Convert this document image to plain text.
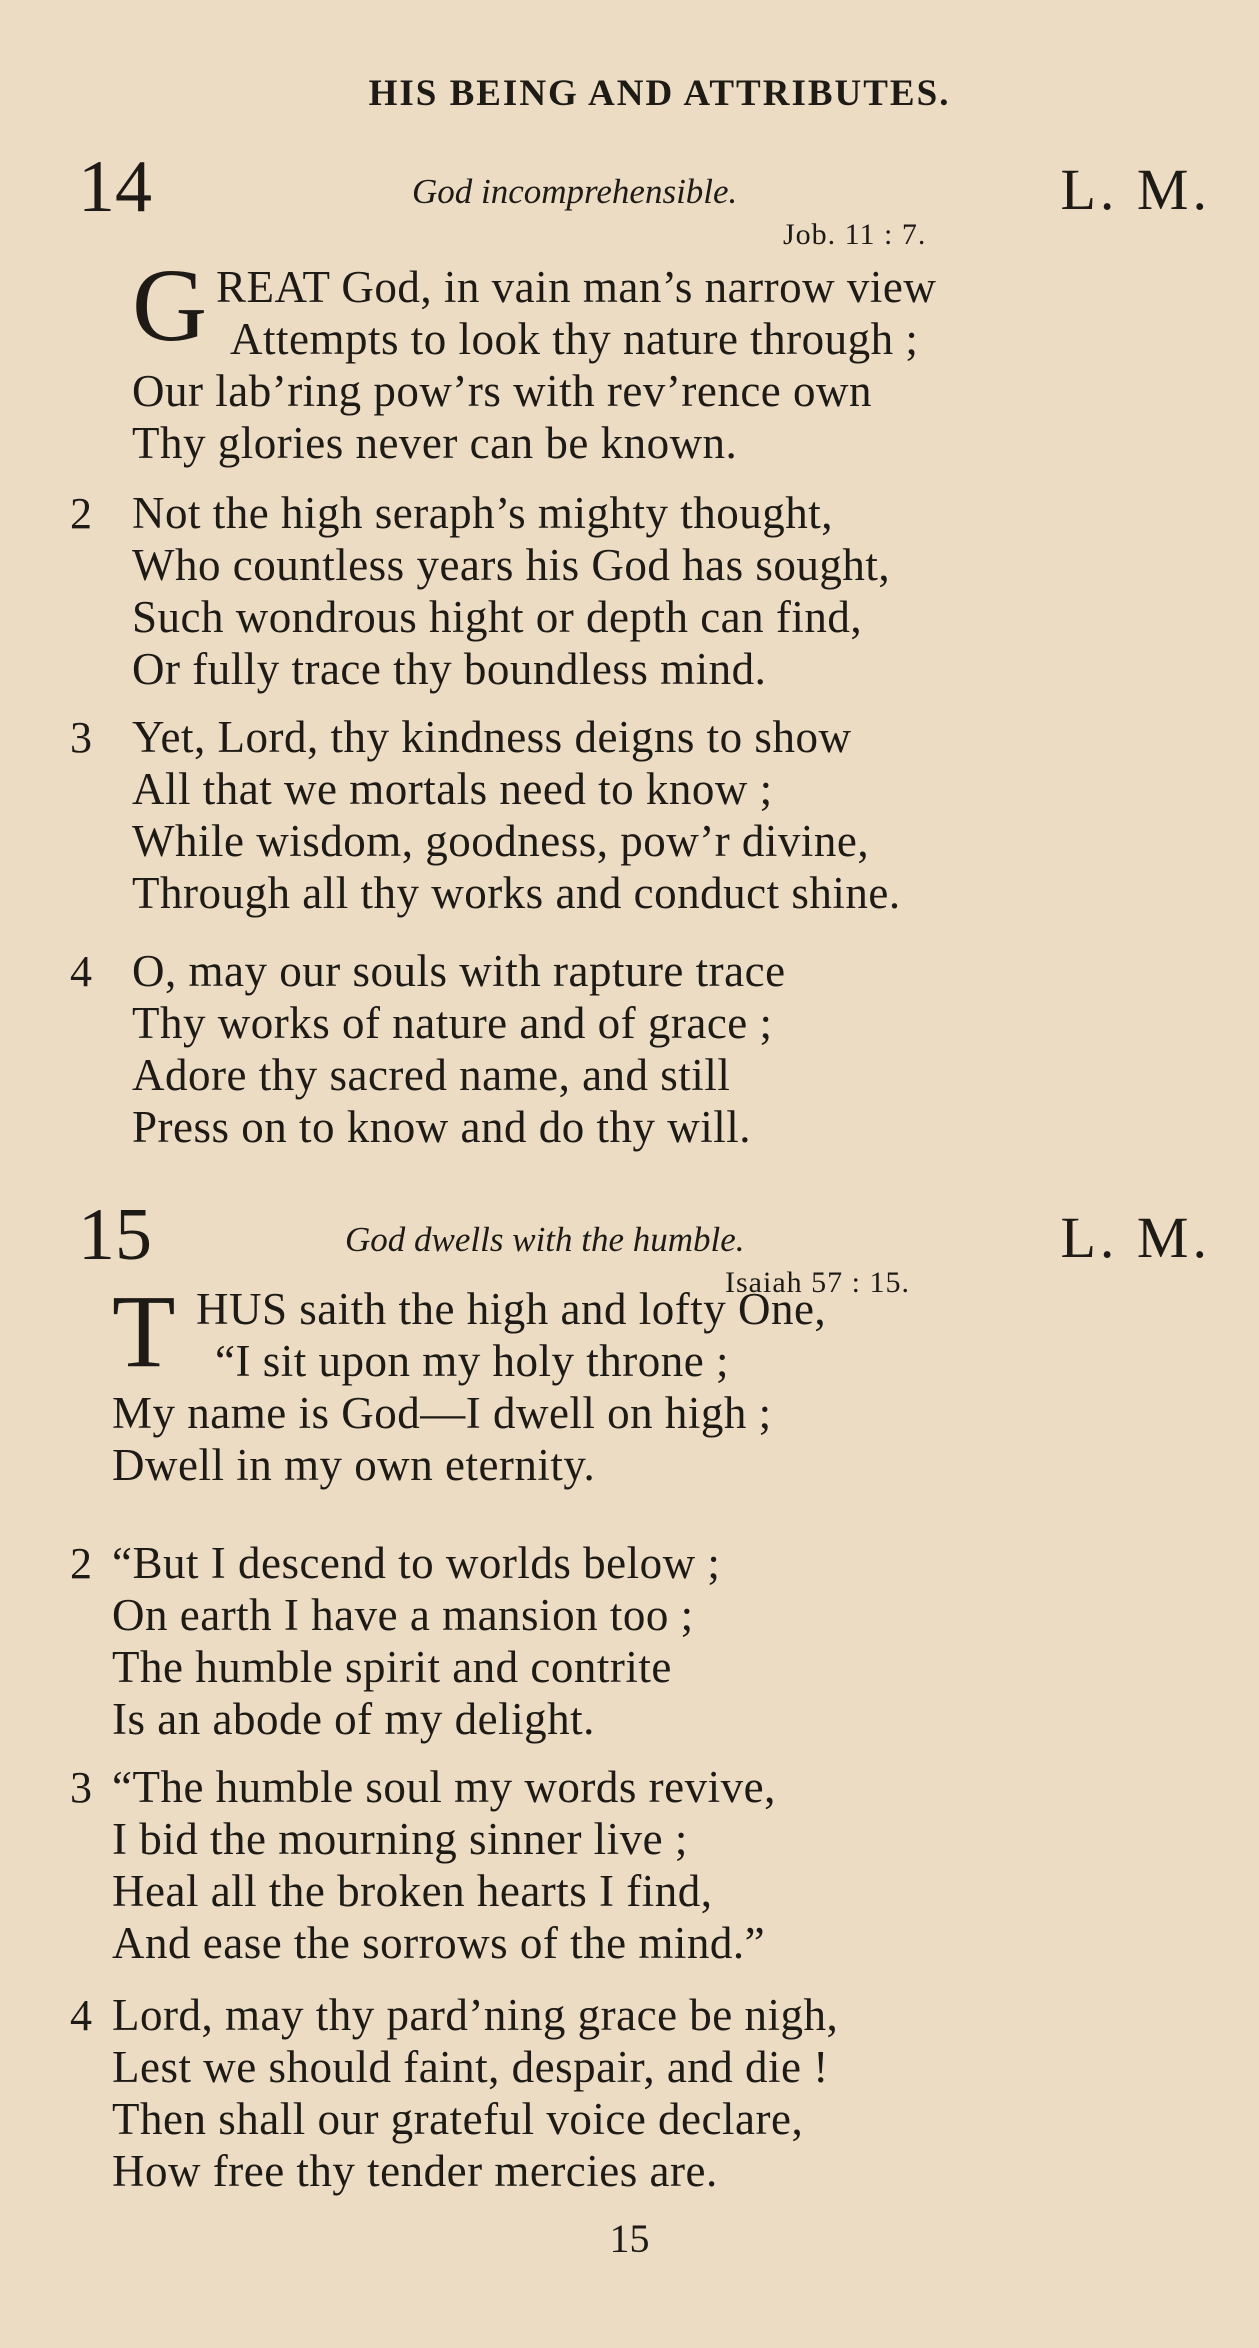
HIS BEING AND ATTRIBUTES.
14	God incomprehensible.	L. M.
Job. 11 : 7.
G REAT God, in vain man’s narrow view
Attempts to look thy nature through ;
Our lab’ring pow’rs with rev’rence own
Thy glories never can be known.
2 Not the high seraph’s mighty thought,
Who countless years his God has sought,
Such wondrous hight or depth can find,
Or fully trace thy boundless mind.
3 Yet, Lord, thy kindness deigns to show
All that we mortals need to know ;
While wisdom, goodness, pow’r divine,
Through all thy works and conduct shine.
4 O, may our souls with rapture trace
Thy works of nature and of grace ;
Adore thy sacred name, and still
Press on to know and do thy will.
15	God dwells with the humble.	L. M.
Isaiah 57 : 15.
T HUS saith the high and lofty One,
“I sit upon my holy throne ;
My name is God—I dwell on high ;
Dwell in my own eternity.
2 “But I descend to worlds below ;
On earth I have a mansion too ;
The humble spirit and contrite
Is an abode of my delight.
3 “The humble soul my words revive,
I bid the mourning sinner live ;
Heal all the broken hearts I find,
And ease the sorrows of the mind.”
4 Lord, may thy pard’ning grace be nigh,
Lest we should faint, despair, and die !
Then shall our grateful voice declare,
How free thy tender mercies are.
15
